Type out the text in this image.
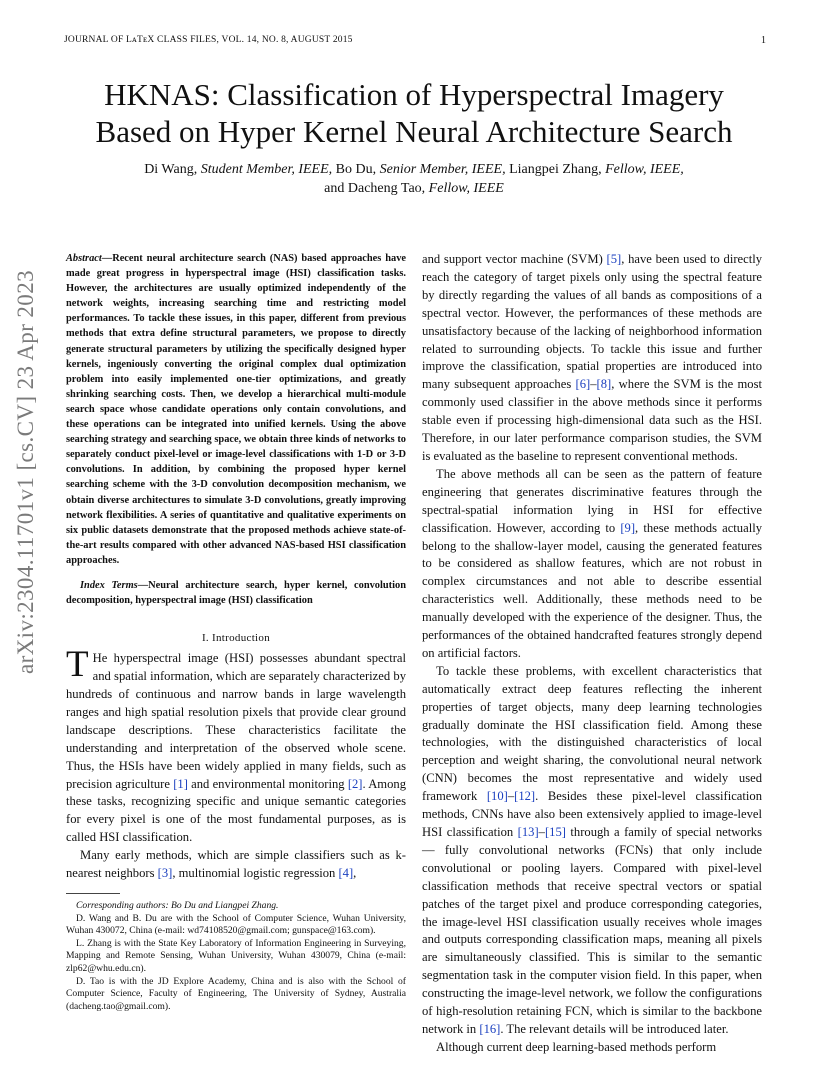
JOURNAL OF LᴀTᴇX CLASS FILES, VOL. 14, NO. 8, AUGUST 2015	1
HKNAS: Classification of Hyperspectral Imagery
Based on Hyper Kernel Neural Architecture Search
Di Wang, Student Member, IEEE, Bo Du, Senior Member, IEEE, Liangpei Zhang, Fellow, IEEE,
and Dacheng Tao, Fellow, IEEE
arXiv:2304.11701v1 [cs.CV] 23 Apr 2023

Abstract—Recent neural architecture search (NAS) based approaches have made great progress in hyperspectral image (HSI) classification tasks. However, the architectures are usually optimized independently of the network weights, increasing searching time and restricting model performances. To tackle these issues, in this paper, different from previous methods that extra define structural parameters, we propose to directly generate structural parameters by utilizing the specifically designed hyper kernels, ingeniously converting the original complex dual optimization problem into easily implemented one-tier optimizations, and greatly shrinking searching costs. Then, we develop a hierarchical multi-module search space whose candidate operations only contain convolutions, and these operations can be integrated into unified kernels. Using the above searching strategy and searching space, we obtain three kinds of networks to separately conduct pixel-level or image-level classifications with 1-D or 3-D convolutions. In addition, by combining the proposed hyper kernel searching scheme with the 3-D convolution decomposition mechanism, we obtain diverse architectures to simulate 3-D convolutions, greatly improving network flexibilities. A series of quantitative and qualitative experiments on six public datasets demonstrate that the proposed methods achieve state-of-the-art results compared with other advanced NAS-based HSI classification approaches.

Index Terms—Neural architecture search, hyper kernel, convolution decomposition, hyperspectral image (HSI) classification

I. Introduction

T He hyperspectral image (HSI) possesses abundant spectral and spatial information, which are separately characterized by hundreds of continuous and narrow bands in large wavelength ranges and high spatial resolution pixels that provide clear ground landscape descriptions. These characteristics facilitate the understanding and interpretation of the observed whole scene. Thus, the HSIs have been widely applied in many fields, such as precision agriculture [1] and environmental monitoring [2]. Among these tasks, recognizing specific and unique semantic categories for every pixel is one of the most fundamental purposes, as is called HSI classification.

Many early methods, which are simple classifiers such as k-nearest neighbors [3], multinomial logistic regression [4],

Corresponding authors: Bo Du and Liangpei Zhang.

D. Wang and B. Du are with the School of Computer Science, Wuhan University, Wuhan 430072, China (e-mail: wd74108520@gmail.com; gunspace@163.com).

L. Zhang is with the State Key Laboratory of Information Engineering in Surveying, Mapping and Remote Sensing, Wuhan University, Wuhan 430079, China (e-mail: zlp62@whu.edu.cn).

D. Tao is with the JD Explore Academy, China and is also with the School of Computer Science, Faculty of Engineering, The University of Sydney, Australia (dacheng.tao@gmail.com).

and support vector machine (SVM) [5], have been used to directly reach the category of target pixels only using the spectral feature by directly regarding the values of all bands as compositions of a spectral vector. However, the performances of these methods are unsatisfactory because of the lacking of neighborhood information related to surrounding objects. To tackle this issue and further improve the classification, spatial properties are introduced into many subsequent approaches [6]–[8], where the SVM is the most commonly used classifier in the above methods since it performs stable even if processing high-dimensional data such as the HSI. Therefore, in our later performance comparison studies, the SVM is evaluated as the baseline to represent conventional methods.

The above methods all can be seen as the pattern of feature engineering that generates discriminative features through the spectral-spatial information lying in HSI for effective classification. However, according to [9], these methods actually belong to the shallow-layer model, causing the generated features to be considered as shallow features, which are not robust in complex circumstances and not able to describe essential characteristics well. Additionally, these methods need to be manually developed with the experience of the designer. Thus, the performances of the obtained handcrafted features strongly depend on artificial factors.

To tackle these problems, with excellent characteristics that automatically extract deep features reflecting the inherent properties of target objects, many deep learning technologies gradually dominate the HSI classification field. Among these technologies, with the distinguished characteristics of local perception and weight sharing, the convolutional neural network (CNN) becomes the most representative and widely used framework [10]–[12]. Besides these pixel-level classification methods, CNNs have also been extensively applied to image-level HSI classification [13]–[15] through a family of special networks — fully convolutional networks (FCNs) that only include convolutional or pooling layers. Compared with pixel-level classification methods that receive spectral vectors or spatial patches of the target pixel and produce corresponding categories, the image-level HSI classification usually receives whole images and outputs corresponding classification maps, meaning all pixels are simultaneously classified. This is similar to the semantic segmentation task in the computer vision field. In this paper, when constructing the image-level network, we follow the configurations of high-resolution retaining FCN, which is similar to the backbone network in [16]. The relevant details will be introduced later.

Although current deep learning-based methods perform
